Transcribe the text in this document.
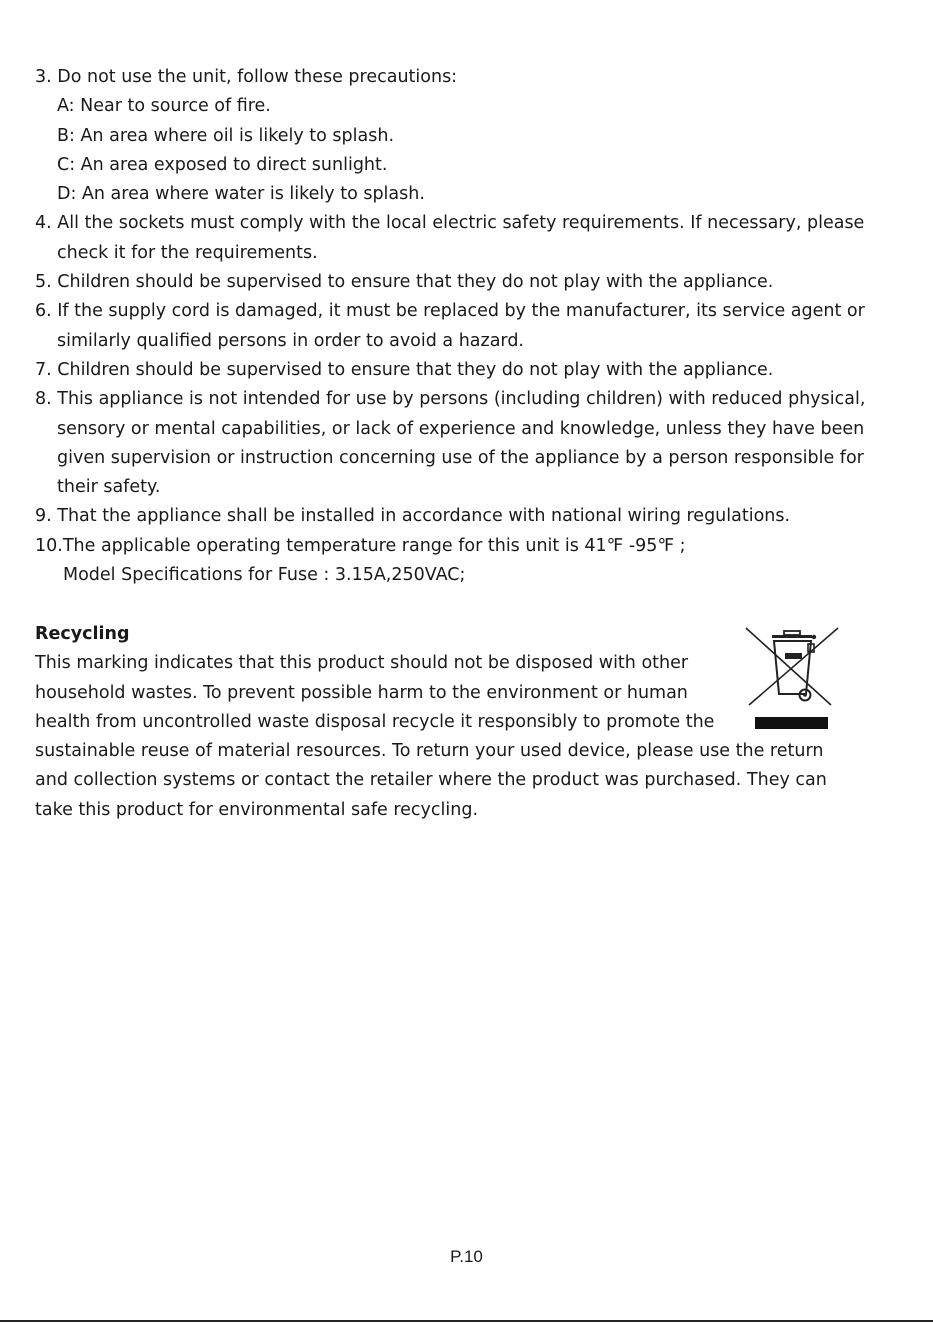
3. Do not use the unit, follow these precautions:

A: Near to source of fire.

B: An area where oil is likely to splash.

C: An area exposed to direct sunlight.

D: An area where water is likely to splash.

4. All the sockets must comply with the local electric safety requirements. If necessary, please check it for the requirements.

5. Children should be supervised to ensure that they do not play with the appliance.

6. If the supply cord is damaged, it must be replaced by the manufacturer, its service agent or similarly qualified persons in order to avoid a hazard.

7. Children should be supervised to ensure that they do not play with the appliance.

8. This appliance is not intended for use by persons (including children) with reduced physical, sensory or mental capabilities, or lack of experience and knowledge, unless they have been given supervision or instruction concerning use of the appliance by a person responsible for their safety.

9. That the appliance shall be installed in accordance with national wiring regulations.

10.The applicable operating temperature range for this unit is 41℉ -95℉ ;

Model Specifications for Fuse : 3.15A,250VAC;

Recycling

This marking indicates that this product should not be disposed with other
household wastes. To prevent possible harm to the environment or human
health from uncontrolled waste disposal recycle it responsibly to promote the
sustainable reuse of material resources. To return your used device, please use the return
and collection systems or contact the retailer where the product was purchased. They can
take this product for environmental safe recycling.

P.10
